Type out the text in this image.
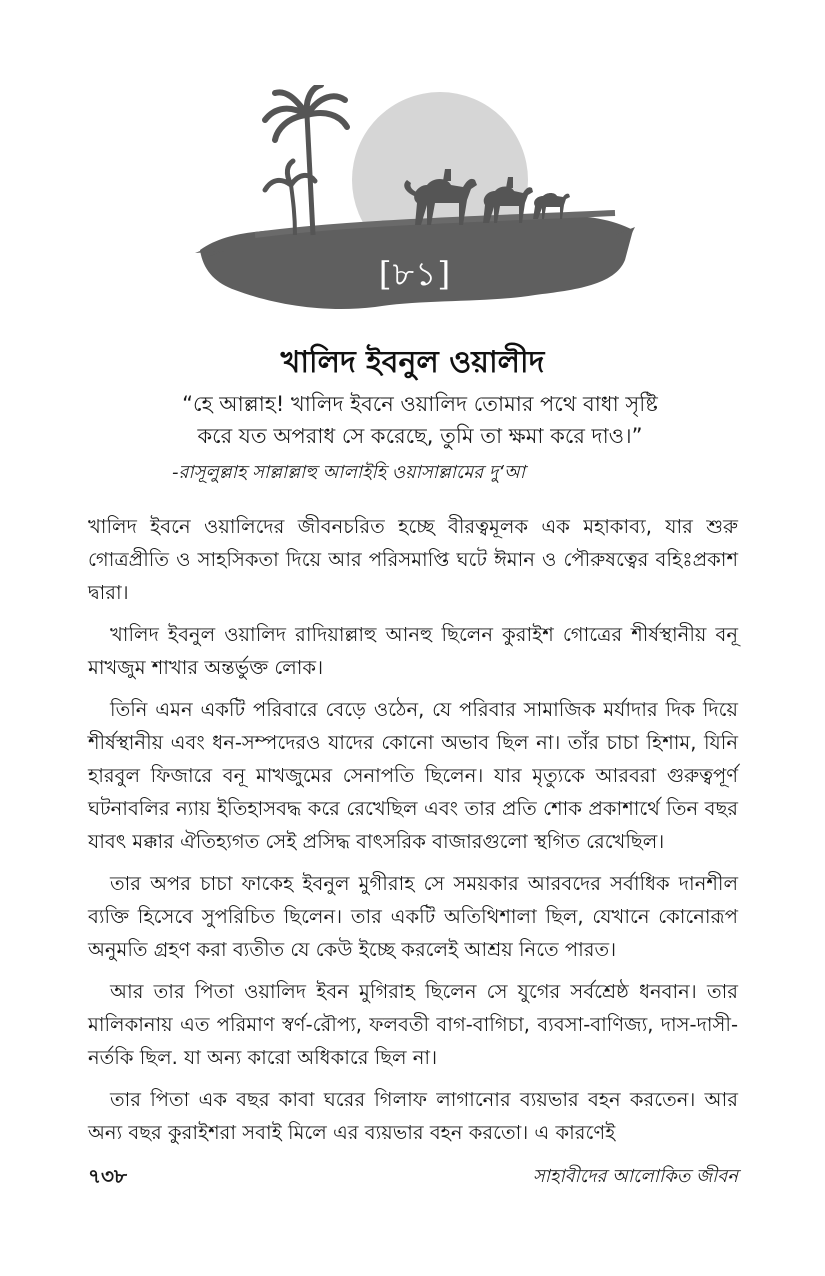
[৮১]
খালিদ ইবনুল ওয়ালীদ
“হে আল্লাহ! খালিদ ইবনে ওয়ালিদ তোমার পথে বাধা সৃষ্টি
করে যত অপরাধ সে করেছে, তুমি তা ক্ষমা করে দাও।”
-রাসূলুল্লাহ সাল্লাল্লাহু আলাইহি ওয়াসাল্লামের দু‘আ

খালিদ ইবনে ওয়ালিদের জীবনচরিত হচ্ছে বীরত্বমূলক এক মহাকাব্য, যার শুরু গোত্রপ্রীতি ও সাহসিকতা দিয়ে আর পরিসমাপ্তি ঘটে ঈমান ও পৌরুষত্বের বহিঃপ্রকাশ দ্বারা।

খালিদ ইবনুল ওয়ালিদ রাদিয়াল্লাহু আনহু ছিলেন কুরাইশ গোত্রের শীর্ষস্থানীয় বনূ মাখজুম শাখার অন্তর্ভুক্ত লোক।

তিনি এমন একটি পরিবারে বেড়ে ওঠেন, যে পরিবার সামাজিক মর্যাদার দিক দিয়ে শীর্ষস্থানীয় এবং ধন-সম্পদেরও যাদের কোনো অভাব ছিল না। তাঁর চাচা হিশাম, যিনি হারবুল ফিজারে বনূ মাখজুমের সেনাপতি ছিলেন। যার মৃত্যুকে আরবরা গুরুত্বপূর্ণ ঘটনাবলির ন্যায় ইতিহাসবদ্ধ করে রেখেছিল এবং তার প্রতি শোক প্রকাশার্থে তিন বছর যাবৎ মক্কার ঐতিহ্যগত সেই প্রসিদ্ধ বাৎসরিক বাজারগুলো স্থগিত রেখেছিল।

তার অপর চাচা ফাকেহ ইবনুল মুগীরাহ সে সময়কার আরবদের সর্বাধিক দানশীল ব্যক্তি হিসেবে সুপরিচিত ছিলেন। তার একটি অতিথিশালা ছিল, যেখানে কোনোরূপ অনুমতি গ্রহণ করা ব্যতীত যে কেউ ইচ্ছে করলেই আশ্রয় নিতে পারত।

আর তার পিতা ওয়ালিদ ইবন মুগিরাহ ছিলেন সে যুগের সর্বশ্রেষ্ঠ ধনবান। তার মালিকানায় এত পরিমাণ স্বর্ণ-রৌপ্য, ফলবতী বাগ-বাগিচা, ব্যবসা-বাণিজ্য, দাস-দাসী-নর্তকি ছিল. যা অন্য কারো অধিকারে ছিল না।

তার পিতা এক বছর কাবা ঘরের গিলাফ লাগানোর ব্যয়ভার বহন করতেন। আর অন্য বছর কুরাইশরা সবাই মিলে এর ব্যয়ভার বহন করতো। এ কারণেই

৭৩৮	সাহাবীদের আলোকিত জীবন
